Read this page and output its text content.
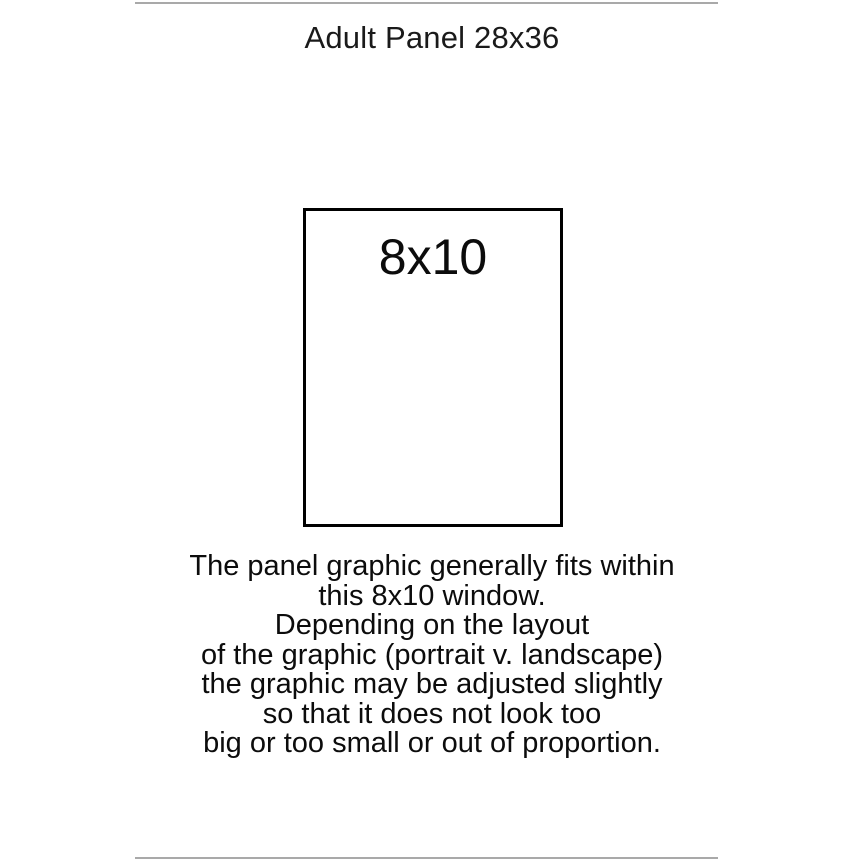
Adult Panel 28x36
8x10
The panel graphic generally fits within
this 8x10 window.
Depending on the layout
of the graphic (portrait v. landscape)
the graphic may be adjusted slightly
so that it does not look too
big or too small or out of proportion.
